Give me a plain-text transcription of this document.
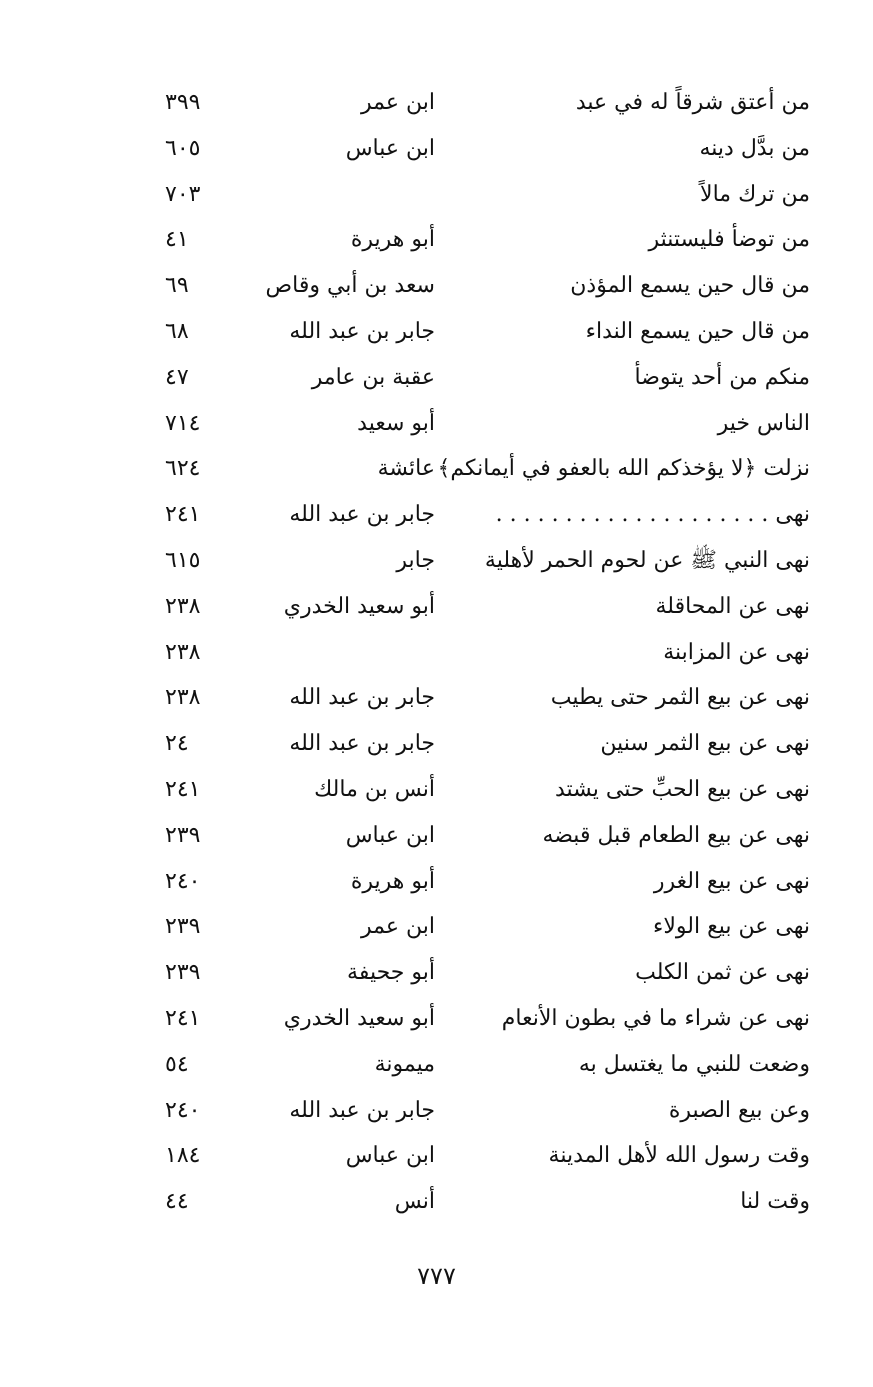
من أعتق شرقاً له في عبد
ابن عمر
٣٩٩
من بدَّل دينه
ابن عباس
٦٠٥
من ترك مالاً
٧٠٣
من توضأ فليستنثر
أبو هريرة
٤١
من قال حين يسمع المؤذن
سعد بن أبي وقاص
٦٩
من قال حين يسمع النداء
جابر بن عبد الله
٦٨
منكم من أحد يتوضأ
عقبة بن عامر
٤٧
الناس خير
أبو سعيد
٧١٤
نزلت ﴿لا يؤخذكم الله بالعفو في أيمانكم﴾
عائشة
٦٢٤
نهى . . . . . . . . . . . . . . . . . . . .
جابر بن عبد الله
٢٤١
نهى النبي ﷺ عن لحوم الحمر لأهلية
جابر
٦١٥
نهى عن المحاقلة
أبو سعيد الخدري
٢٣٨
نهى عن المزابنة
٢٣٨
نهى عن بيع الثمر حتى يطيب
جابر بن عبد الله
٢٣٨
نهى عن بيع الثمر سنين
جابر بن عبد الله
٢٤
نهى عن بيع الحبِّ حتى يشتد
أنس بن مالك
٢٤١
نهى عن بيع الطعام قبل قبضه
ابن عباس
٢٣٩
نهى عن بيع الغرر
أبو هريرة
٢٤٠
نهى عن بيع الولاء
ابن عمر
٢٣٩
نهى عن ثمن الكلب
أبو جحيفة
٢٣٩
نهى عن شراء ما في بطون الأنعام
أبو سعيد الخدري
٢٤١
وضعت للنبي ما يغتسل به
ميمونة
٥٤
وعن بيع الصبرة
جابر بن عبد الله
٢٤٠
وقت رسول الله لأهل المدينة
ابن عباس
١٨٤
وقت لنا
أنس
٤٤
٧٧٧
